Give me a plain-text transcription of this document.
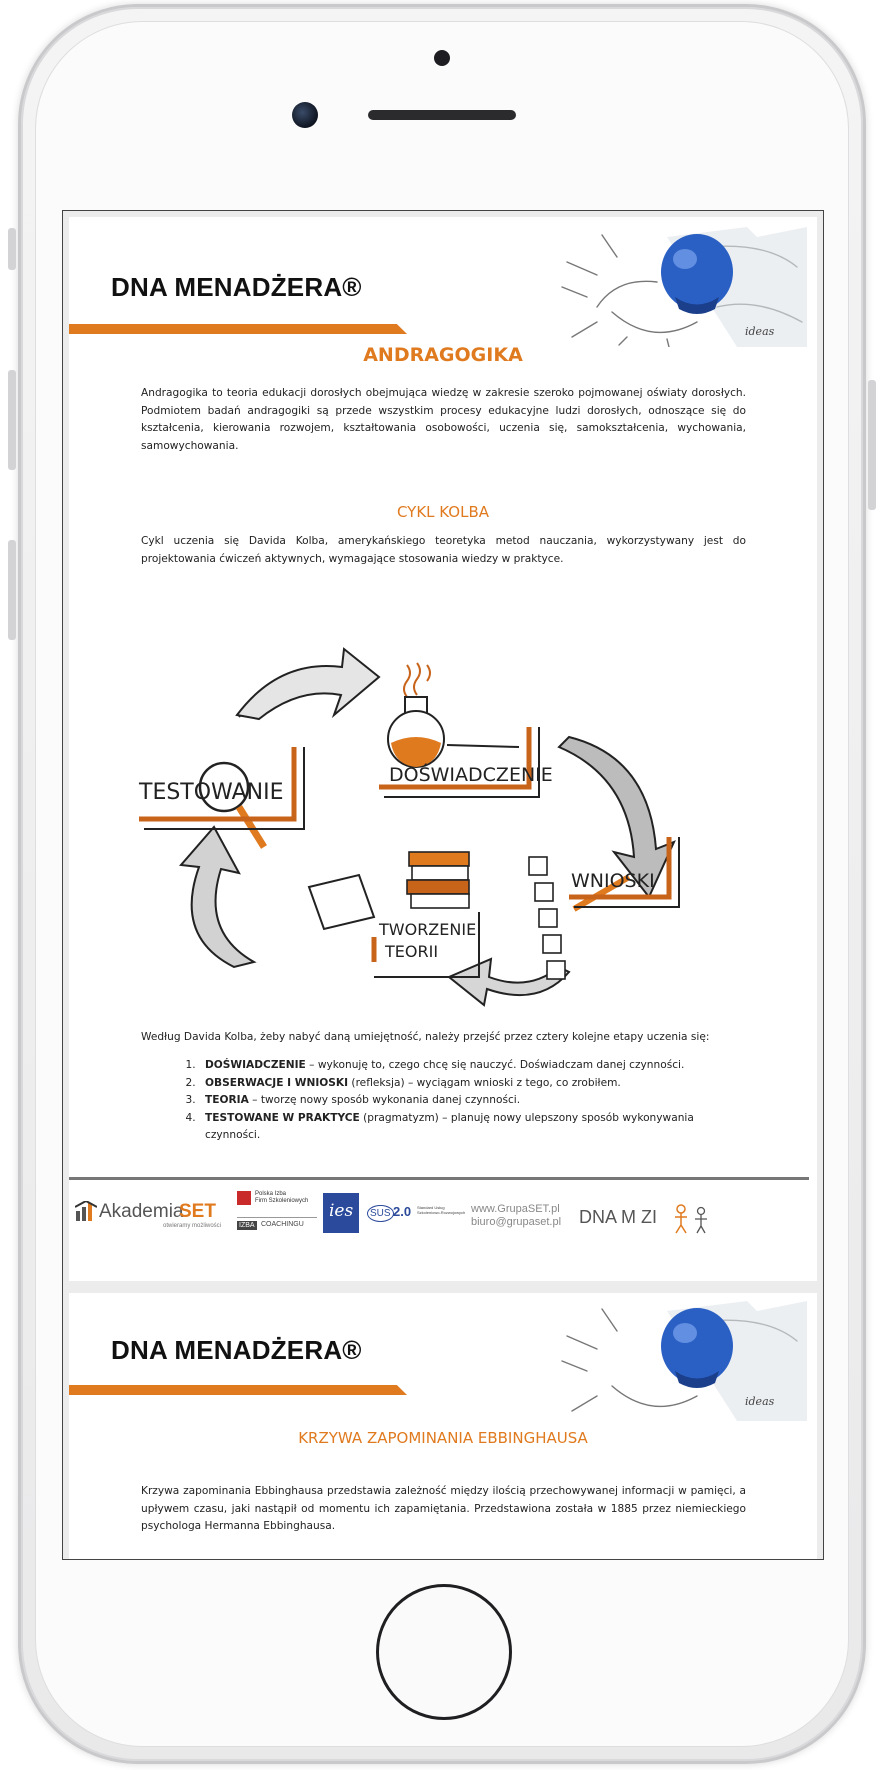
DNA MENADŻERA®
ideas
ANDRAGOGIKA
Andragogika to teoria edukacji dorosłych obejmująca wiedzę w zakresie szeroko pojmowanej oświaty dorosłych. Podmiotem badań andragogiki są przede wszystkim procesy edukacyjne ludzi dorosłych, odnoszące się do kształcenia, kierowania rozwojem, kształtowania osobowości, uczenia się, samokształcenia, wychowania, samowychowania.
CYKL KOLBA
Cykl uczenia się Davida Kolba, amerykańskiego teoretyka metod nauczania, wykorzystywany jest do projektowania ćwiczeń aktywnych, wymagające stosowania wiedzy w praktyce.
DOŚWIADCZENIE
TESTOWANIE
WNIOSKI
TWORZENIE
TEORII
Według Davida Kolba, żeby nabyć daną umiejętność, należy przejść przez cztery kolejne etapy uczenia się:
1. DOŚWIADCZENIE – wykonuję to, czego chcę się nauczyć. Doświadczam danej czynności.
2. OBSERWACJE I WNIOSKI (refleksja) – wyciągam wnioski z tego, co zrobiłem.
3. TEORIA – tworzę nowy sposób wykonania danej czynności.
4. TESTOWANE W PRAKTYCE (pragmatyzm) – planuję nowy ulepszony sposób wykonywania czynności.
Akademia
SET
otwieramy możliwości
Polska Izba
Firm Szkoleniowych
IZBA COACHINGU
ies	SUS 2.0 Standard Usług Szkoleniowo-Rozwojowych www.GrupaSET.pl
biuro@grupaset.pl DNA M ZI
DNA MENADŻERA®
ideas
KRZYWA ZAPOMINANIA EBBINGHAUSA
Krzywa zapominania Ebbinghausa przedstawia zależność między ilością przechowywanej informacji w pamięci, a upływem czasu, jaki nastąpił od momentu ich zapamiętania. Przedstawiona została w 1885 przez niemieckiego psychologa Hermanna Ebbinghausa.
